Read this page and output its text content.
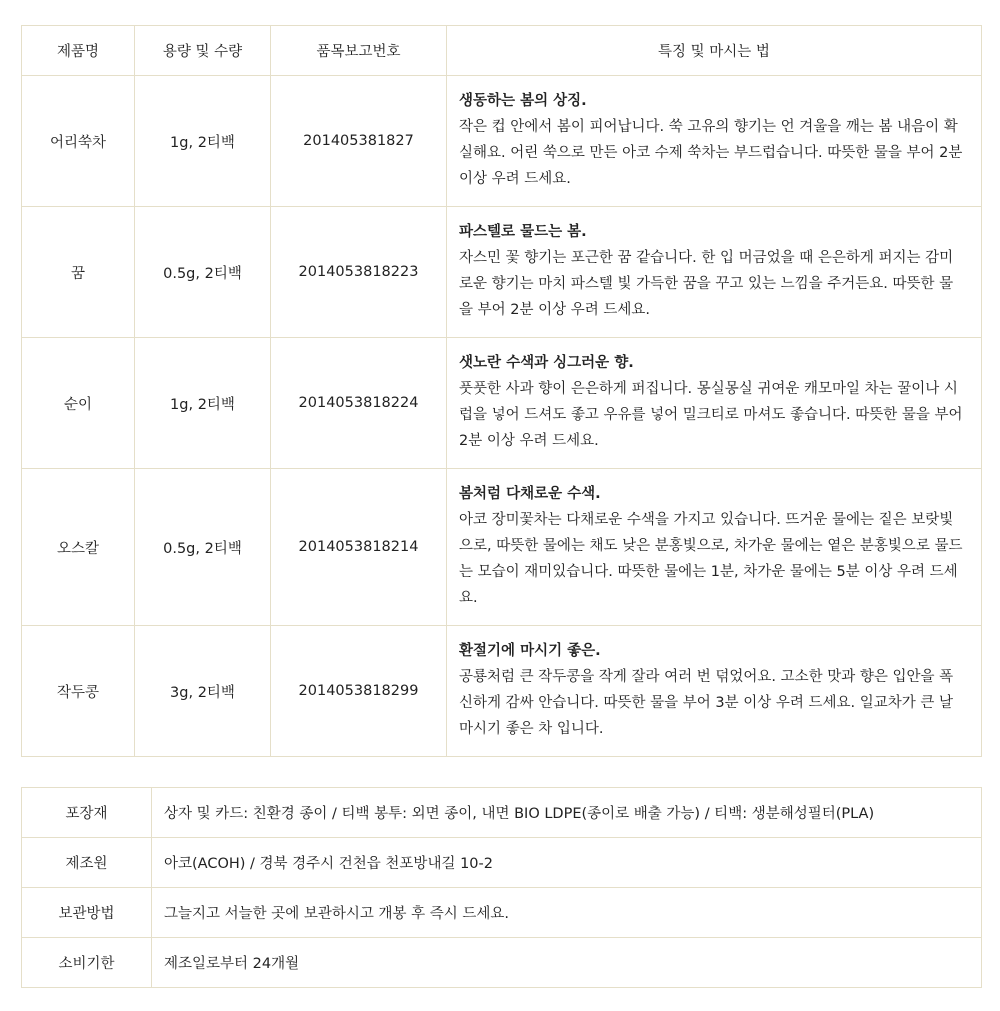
제품명	용량 및 수량	품목보고번호	특징 및 마시는 법
어리쑥차	1g, 2티백	201405381827	생동하는 봄의 상징.
작은 컵 안에서 봄이 피어납니다. 쑥 고유의 향기는 언 겨울을 깨는 봄 내음이 확실해요. 어린 쑥으로 만든 아코 수제 쑥차는 부드럽습니다. 따뜻한 물을 부어 2분 이상 우려 드세요.

꿈	0.5g, 2티백	2014053818223	파스텔로 물드는 봄.
자스민 꽃 향기는 포근한 꿈 같습니다. 한 입 머금었을 때 은은하게 퍼지는 감미로운 향기는 마치 파스텔 빛 가득한 꿈을 꾸고 있는 느낌을 주거든요. 따뜻한 물을 부어 2분 이상 우려 드세요.

순이	1g, 2티백	2014053818224	샛노란 수색과 싱그러운 향.
풋풋한 사과 향이 은은하게 퍼집니다. 몽실몽실 귀여운 캐모마일 차는 꿀이나 시럽을 넣어 드셔도 좋고 우유를 넣어 밀크티로 마셔도 좋습니다. 따뜻한 물을 부어 2분 이상 우려 드세요.

오스칼	0.5g, 2티백	2014053818214	봄처럼 다채로운 수색.
아코 장미꽃차는 다채로운 수색을 가지고 있습니다. 뜨거운 물에는 짙은 보랏빛으로, 따뜻한 물에는 채도 낮은 분홍빛으로, 차가운 물에는 옅은 분홍빛으로 물드는 모습이 재미있습니다. 따뜻한 물에는 1분, 차가운 물에는 5분 이상 우려 드세요.

작두콩	3g, 2티백	2014053818299	환절기에 마시기 좋은.
공룡처럼 큰 작두콩을 작게 잘라 여러 번 덖었어요. 고소한 맛과 향은 입안을 폭신하게 감싸 안습니다. 따뜻한 물을 부어 3분 이상 우려 드세요. 일교차가 큰 날 마시기 좋은 차 입니다.
포장재	상자 및 카드: 친환경 종이 / 티백 봉투: 외면 종이, 내면 BIO LDPE(종이로 배출 가능) / 티백: 생분해성필터(PLA)
제조원	아코(ACOH) / 경북 경주시 건천읍 천포방내길 10-2
보관방법	그늘지고 서늘한 곳에 보관하시고 개봉 후 즉시 드세요.
소비기한	제조일로부터 24개월
